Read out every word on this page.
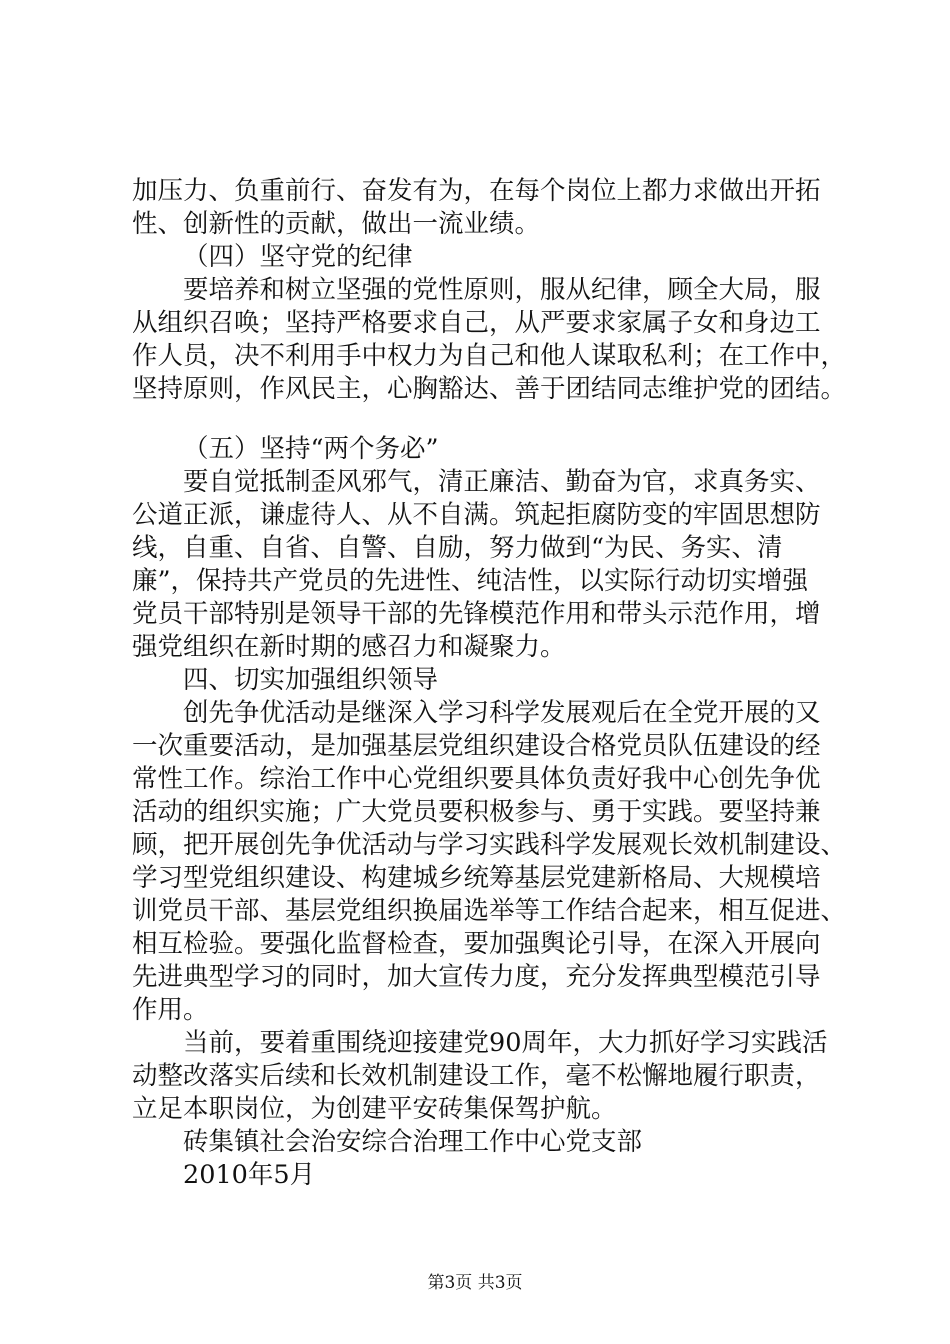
加压力、负重前行、奋发有为，在每个岗位上都力求做出开拓
性、创新性的贡献，做出一流业绩。
（四）坚守党的纪律
要培养和树立坚强的党性原则，服从纪律，顾全大局，服
从组织召唤；坚持严格要求自己，从严要求家属子女和身边工
作人员，决不利用手中权力为自己和他人谋取私利；在工作中，
坚持原则，作风民主，心胸豁达、善于团结同志维护党的团结。
（五）坚持“两个务必”
要自觉抵制歪风邪气，清正廉洁、勤奋为官，求真务实、
公道正派，谦虚待人、从不自满。筑起拒腐防变的牢固思想防
线，自重、自省、自警、自励，努力做到“为民、务实、清
廉”，保持共产党员的先进性、纯洁性，以实际行动切实增强
党员干部特别是领导干部的先锋模范作用和带头示范作用，增
强党组织在新时期的感召力和凝聚力。
四、切实加强组织领导
创先争优活动是继深入学习科学发展观后在全党开展的又
一次重要活动，是加强基层党组织建设合格党员队伍建设的经
常性工作。综治工作中心党组织要具体负责好我中心创先争优
活动的组织实施；广大党员要积极参与、勇于实践。要坚持兼
顾，把开展创先争优活动与学习实践科学发展观长效机制建设、
学习型党组织建设、构建城乡统筹基层党建新格局、大规模培
训党员干部、基层党组织换届选举等工作结合起来，相互促进、
相互检验。要强化监督检查，要加强舆论引导，在深入开展向
先进典型学习的同时，加大宣传力度，充分发挥典型模范引导
作用。
当前，要着重围绕迎接建党90周年，大力抓好学习实践活
动整改落实后续和长效机制建设工作，毫不松懈地履行职责，
立足本职岗位，为创建平安砖集保驾护航。
砖集镇社会治安综合治理工作中心党支部
2010年5月
第3页 共3页
